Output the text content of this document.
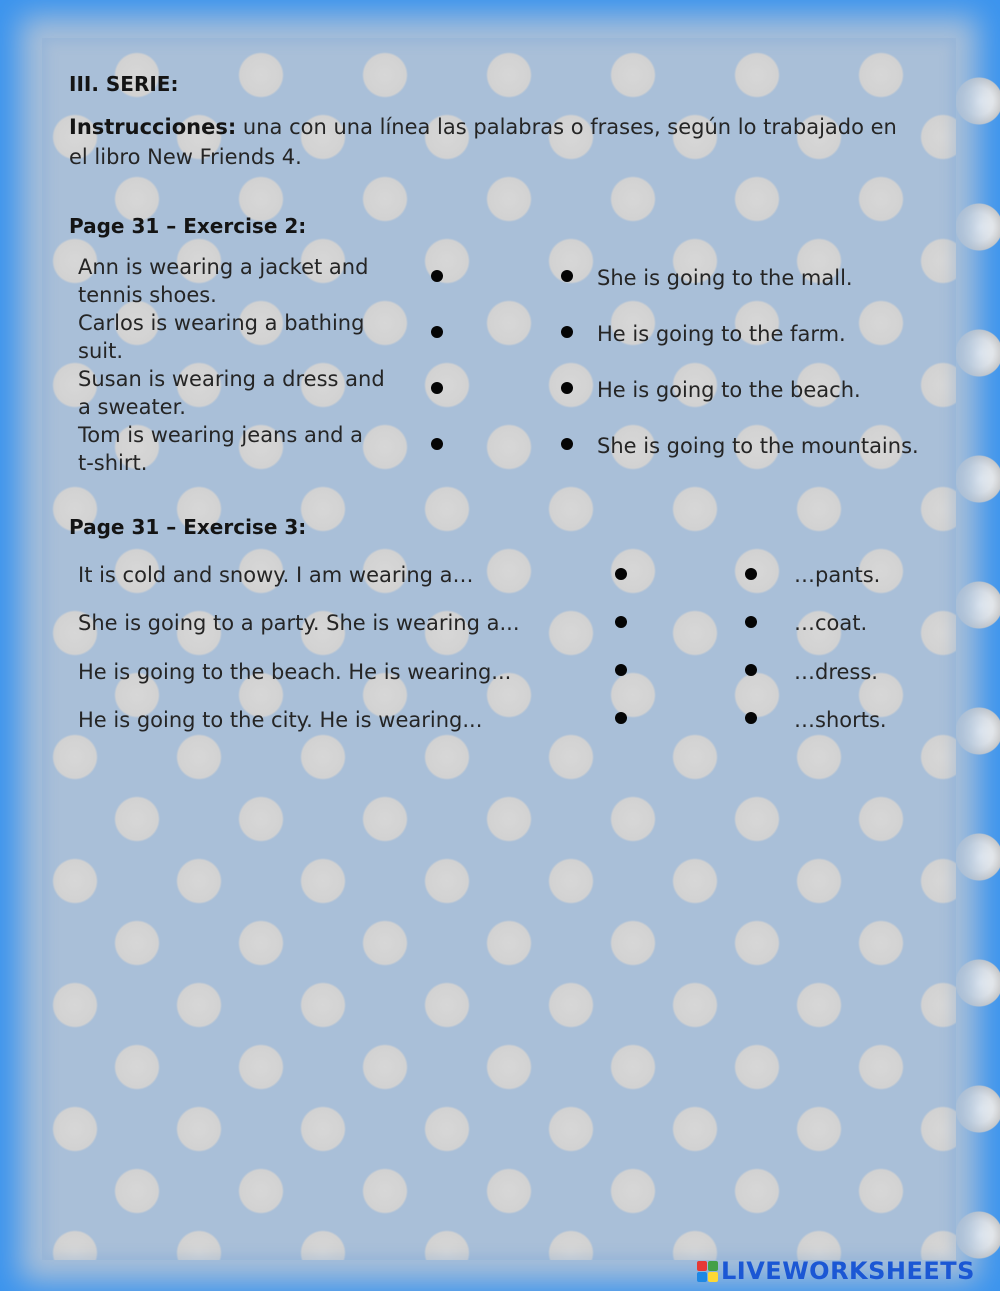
III. SERIE:
Instrucciones: una con una línea las palabras o frases, según lo trabajado en
el libro New Friends 4.
Page 31 – Exercise 2:
Ann is wearing a jacket and
tennis shoes.
Carlos is wearing a bathing
suit.
Susan is wearing a dress and
a sweater.
Tom is wearing jeans and a
t-shirt.
She is going to the mall.
He is going to the farm.
He is going to the beach.
She is going to the mountains.
Page 31 – Exercise 3:
It is cold and snowy. I am wearing a…
She is going to a party. She is wearing a...
He is going to the beach. He is wearing...
He is going to the city. He is wearing...
…pants.
…coat.
…dress.
…shorts.
LIVEWORKSHEETS
